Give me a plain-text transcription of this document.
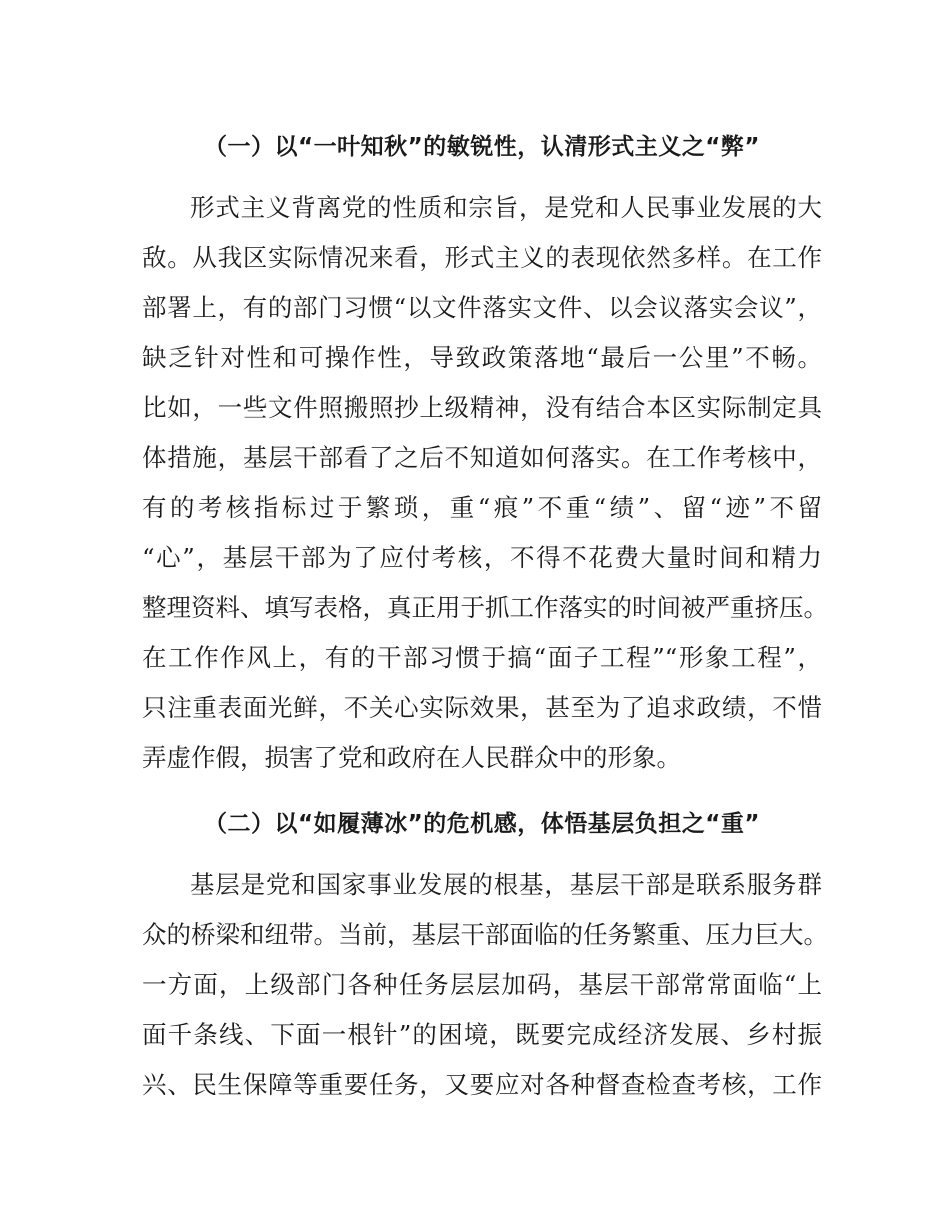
（一）以“一叶知秋”的敏锐性，认清形式主义之“弊”
形式主义背离党的性质和宗旨，是党和人民事业发展的大
敌。从我区实际情况来看，形式主义的表现依然多样。在工作
部署上，有的部门习惯“以文件落实文件、以会议落实会议”，
缺乏针对性和可操作性，导致政策落地“最后一公里”不畅。
比如，一些文件照搬照抄上级精神，没有结合本区实际制定具
体措施，基层干部看了之后不知道如何落实。在工作考核中，
有的考核指标过于繁琐，重“痕”不重“绩”、留“迹”不留
“心”，基层干部为了应付考核，不得不花费大量时间和精力
整理资料、填写表格，真正用于抓工作落实的时间被严重挤压。
在工作作风上，有的干部习惯于搞“面子工程”“形象工程”，
只注重表面光鲜，不关心实际效果，甚至为了追求政绩，不惜
弄虚作假，损害了党和政府在人民群众中的形象。
（二）以“如履薄冰”的危机感，体悟基层负担之“重”
基层是党和国家事业发展的根基，基层干部是联系服务群
众的桥梁和纽带。当前，基层干部面临的任务繁重、压力巨大。
一方面，上级部门各种任务层层加码，基层干部常常面临“上
面千条线、下面一根针”的困境，既要完成经济发展、乡村振
兴、民生保障等重要任务，又要应对各种督查检查考核，工作
